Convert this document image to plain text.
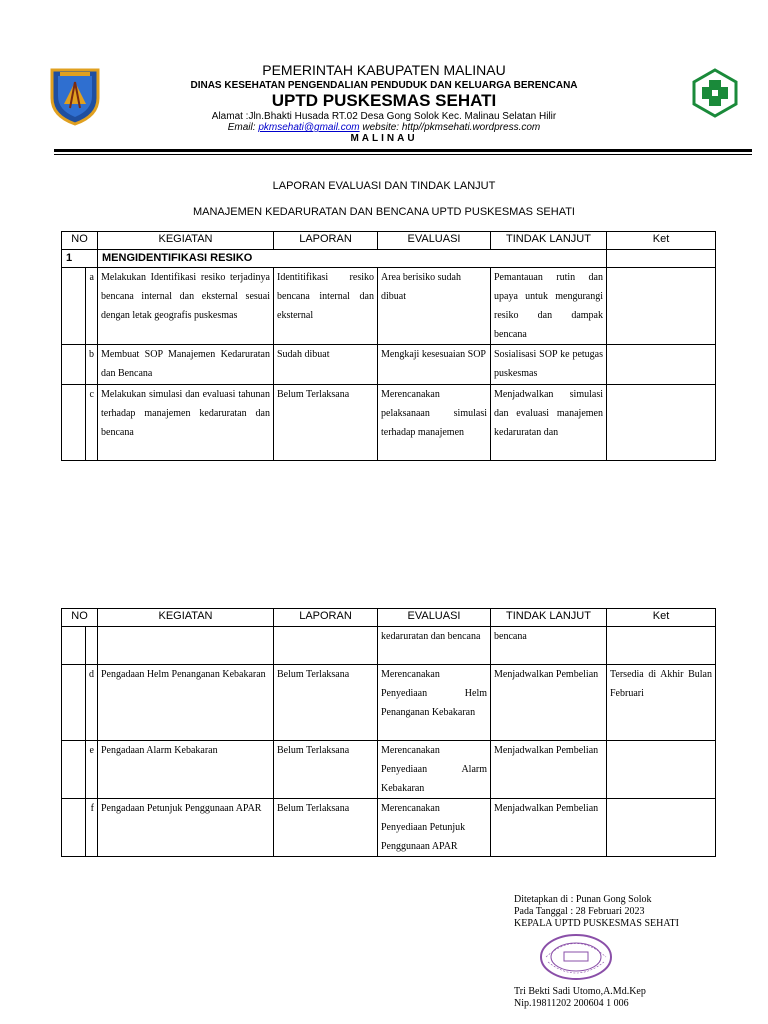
PEMERINTAH KABUPATEN MALINAU
DINAS KESEHATAN PENGENDALIAN PENDUDUK DAN KELUARGA BERENCANA
UPTD PUSKESMAS SEHATI
Alamat :Jln.Bhakti Husada RT.02 Desa Gong Solok Kec. Malinau Selatan Hilir
Email: pkmsehati@gmail.com website: http//pkmsehati.wordpress.com
MALINAU
LAPORAN EVALUASI DAN TINDAK LANJUT
MANAJEMEN KEDARURATAN DAN BENCANA UPTD PUSKESMAS SEHATI
NO		KEGIATAN	LAPORAN	EVALUASI	TINDAK LANJUT	Ket
1		MENGIDENTIFIKASI RESIKO				
	a	Melakukan Identifikasi resiko terjadinya bencana internal dan eksternal sesuai dengan letak geografis puskesmas	Identitifikasi resiko bencana internal dan eksternal	Area berisiko sudah dibuat	Pemantauan rutin dan upaya untuk mengurangi resiko dan dampak bencana	
	b	Membuat SOP Manajemen Kedaruratan dan Bencana	Sudah dibuat	Mengkaji kesesuaian SOP	Sosialisasi SOP ke petugas puskesmas	
	c	Melakukan simulasi dan evaluasi tahunan terhadap manajemen kedaruratan dan bencana	Belum Terlaksana	Merencanakan pelaksanaan simulasi terhadap manajemen	Menjadwalkan simulasi dan evaluasi manajemen kedaruratan dan	
NO		KEGIATAN	LAPORAN	EVALUASI	TINDAK LANJUT	Ket
				kedaruratan dan bencana	bencana	
	d	Pengadaan Helm Penanganan Kebakaran	Belum Terlaksana	Merencanakan Penyediaan Helm Penanganan Kebakaran	Menjadwalkan Pembelian	Tersedia di Akhir Bulan Februari
	e	Pengadaan Alarm Kebakaran	Belum Terlaksana	Merencanakan Penyediaan Alarm Kebakaran	Menjadwalkan Pembelian	
	f	Pengadaan Petunjuk Penggunaan APAR	Belum Terlaksana	Merencanakan Penyediaan Petunjuk Penggunaan APAR	Menjadwalkan Pembelian	
Ditetapkan di : Punan Gong Solok
Pada Tanggal : 28 Februari 2023
KEPALA UPTD PUSKESMAS SEHATI
Tri Bekti Sadi Utomo,A.Md.Kep
Nip.19811202 200604 1 006
